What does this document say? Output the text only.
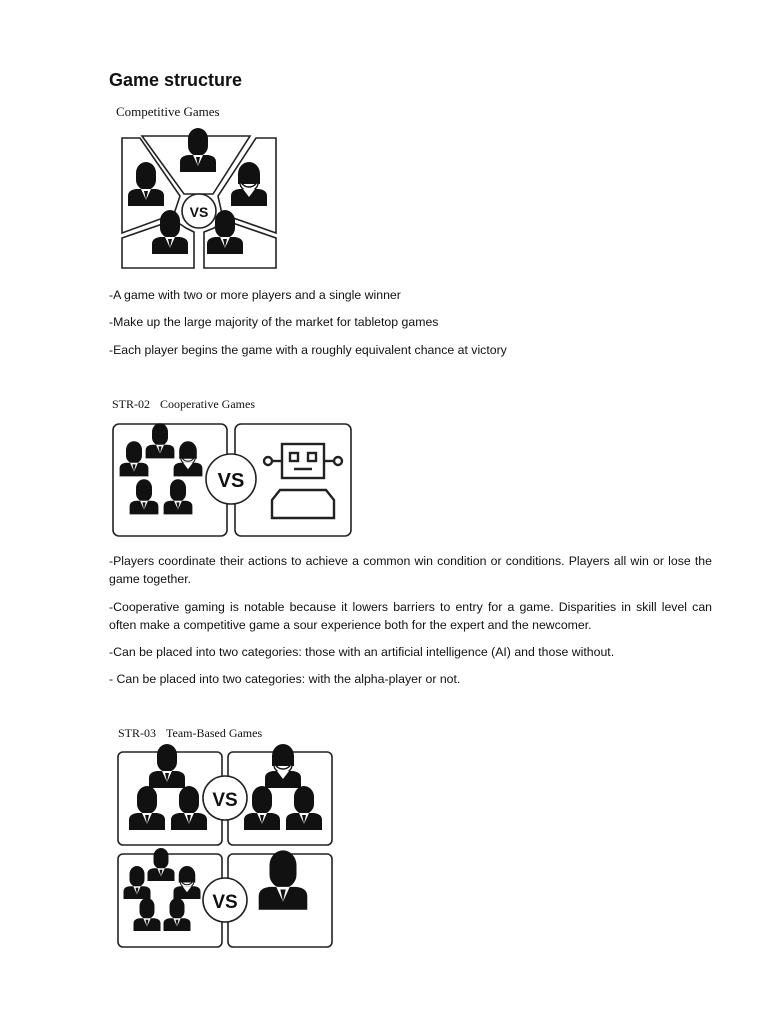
Game structure
Competitive Games
VS

-A game with two or more players and a single winner

-Make up the large majority of the market for tabletop games

-Each player begins the game with a roughly equivalent chance at victory

STR-02 Cooperative Games
VS

-Players coordinate their actions to achieve a common win condition or conditions. Players all win or lose the game together.

-Cooperative gaming is notable because it lowers barriers to entry for a game. Disparities in skill level can often make a competitive game a sour experience both for the expert and the newcomer.

-Can be placed into two categories: those with an artificial intelligence (AI) and those without.

- Can be placed into two categories: with the alpha-player or not.

STR-03 Team-Based Games
VS
VS
